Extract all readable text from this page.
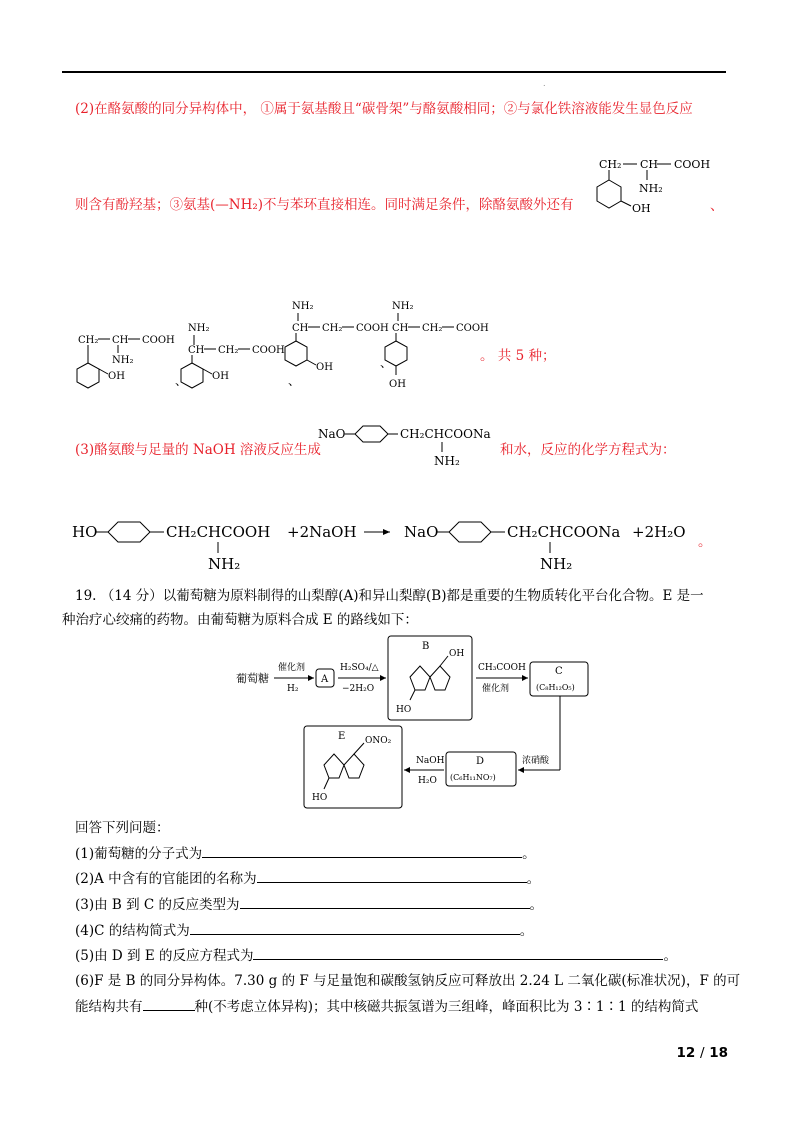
.
(2)在酪氨酸的同分异构体中， ①属于氨基酸且“碳骨架”与酪氨酸相同；②与氯化铁溶液能发生显色反应
则含有酚羟基；③氨基(—NH₂)不与苯环直接相连。同时满足条件，除酪氨酸外还有
CH₂ CH COOH
NH₂
OH	、
CH₂ CH COOH
NH₂
OH	、
NH₂
CH CH₂ COOH
OH	、
NH₂
CH CH₂ COOH
OH	、
NH₂
CH CH₂ COOH
OH
。 共 5 种；
(3)酪氨酸与足量的 NaOH 溶液反应生成
NaO	CH₂CHCOONa
NH₂
和水，反应的化学方程式为：
HO	CH₂CHCOOH
NH₂
+2NaOH	NaO	CH₂CHCOONa
NH₂
+2H₂O
。
19. （14 分）以葡萄糖为原料制得的山梨醇(A)和异山梨醇(B)都是重要的生物质转化平台化合物。E 是一
种治疗心绞痛的药物。由葡萄糖为原料合成 E 的路线如下：
葡萄糖
催化剂
H₂
A
H₂SO₄/△
−2H₂O
B
OH
HO
CH₃COOH
催化剂
C
(C₈H₁₂O₅)
浓硝酸
D
(C₆H₁₁NO₇)
NaOH
H₂O
E ONO₂
HO
回答下列问题：
(1)葡萄糖的分子式为	。
(2)A 中含有的官能团的名称为	。
(3)由 B 到 C 的反应类型为	。
(4)C 的结构简式为	。
(5)由 D 到 E 的反应方程式为	。
(6)F 是 B 的同分异构体。7.30 g 的 F 与足量饱和碳酸氢钠反应可释放出 2.24 L 二氧化碳(标准状况)，F 的可
能结构共有	种(不考虑立体异构)；其中核磁共振氢谱为三组峰，峰面积比为 3∶1∶1 的结构简式
12 / 18
